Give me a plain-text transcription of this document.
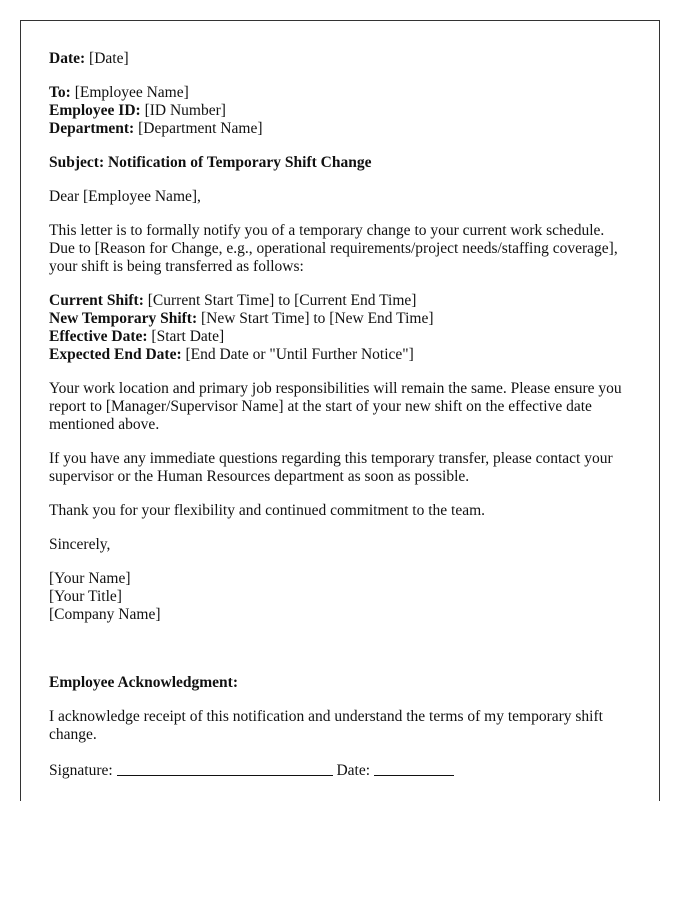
Date: [Date]

To: [Employee Name]
Employee ID: [ID Number]
Department: [Department Name]

Subject: Notification of Temporary Shift Change

Dear [Employee Name],

This letter is to formally notify you of a temporary change to your current work schedule. Due to [Reason for Change, e.g., operational requirements/project needs/staffing coverage], your shift is being transferred as follows:

Current Shift: [Current Start Time] to [Current End Time]
New Temporary Shift: [New Start Time] to [New End Time]
Effective Date: [Start Date]
Expected End Date: [End Date or "Until Further Notice"]

Your work location and primary job responsibilities will remain the same. Please ensure you report to [Manager/Supervisor Name] at the start of your new shift on the effective date mentioned above.

If you have any immediate questions regarding this temporary transfer, please contact your supervisor or the Human Resources department as soon as possible.

Thank you for your flexibility and continued commitment to the team.

Sincerely,

[Your Name]
[Your Title]
[Company Name]

Employee Acknowledgment:

I acknowledge receipt of this notification and understand the terms of my temporary shift change.

Signature:	Date:
